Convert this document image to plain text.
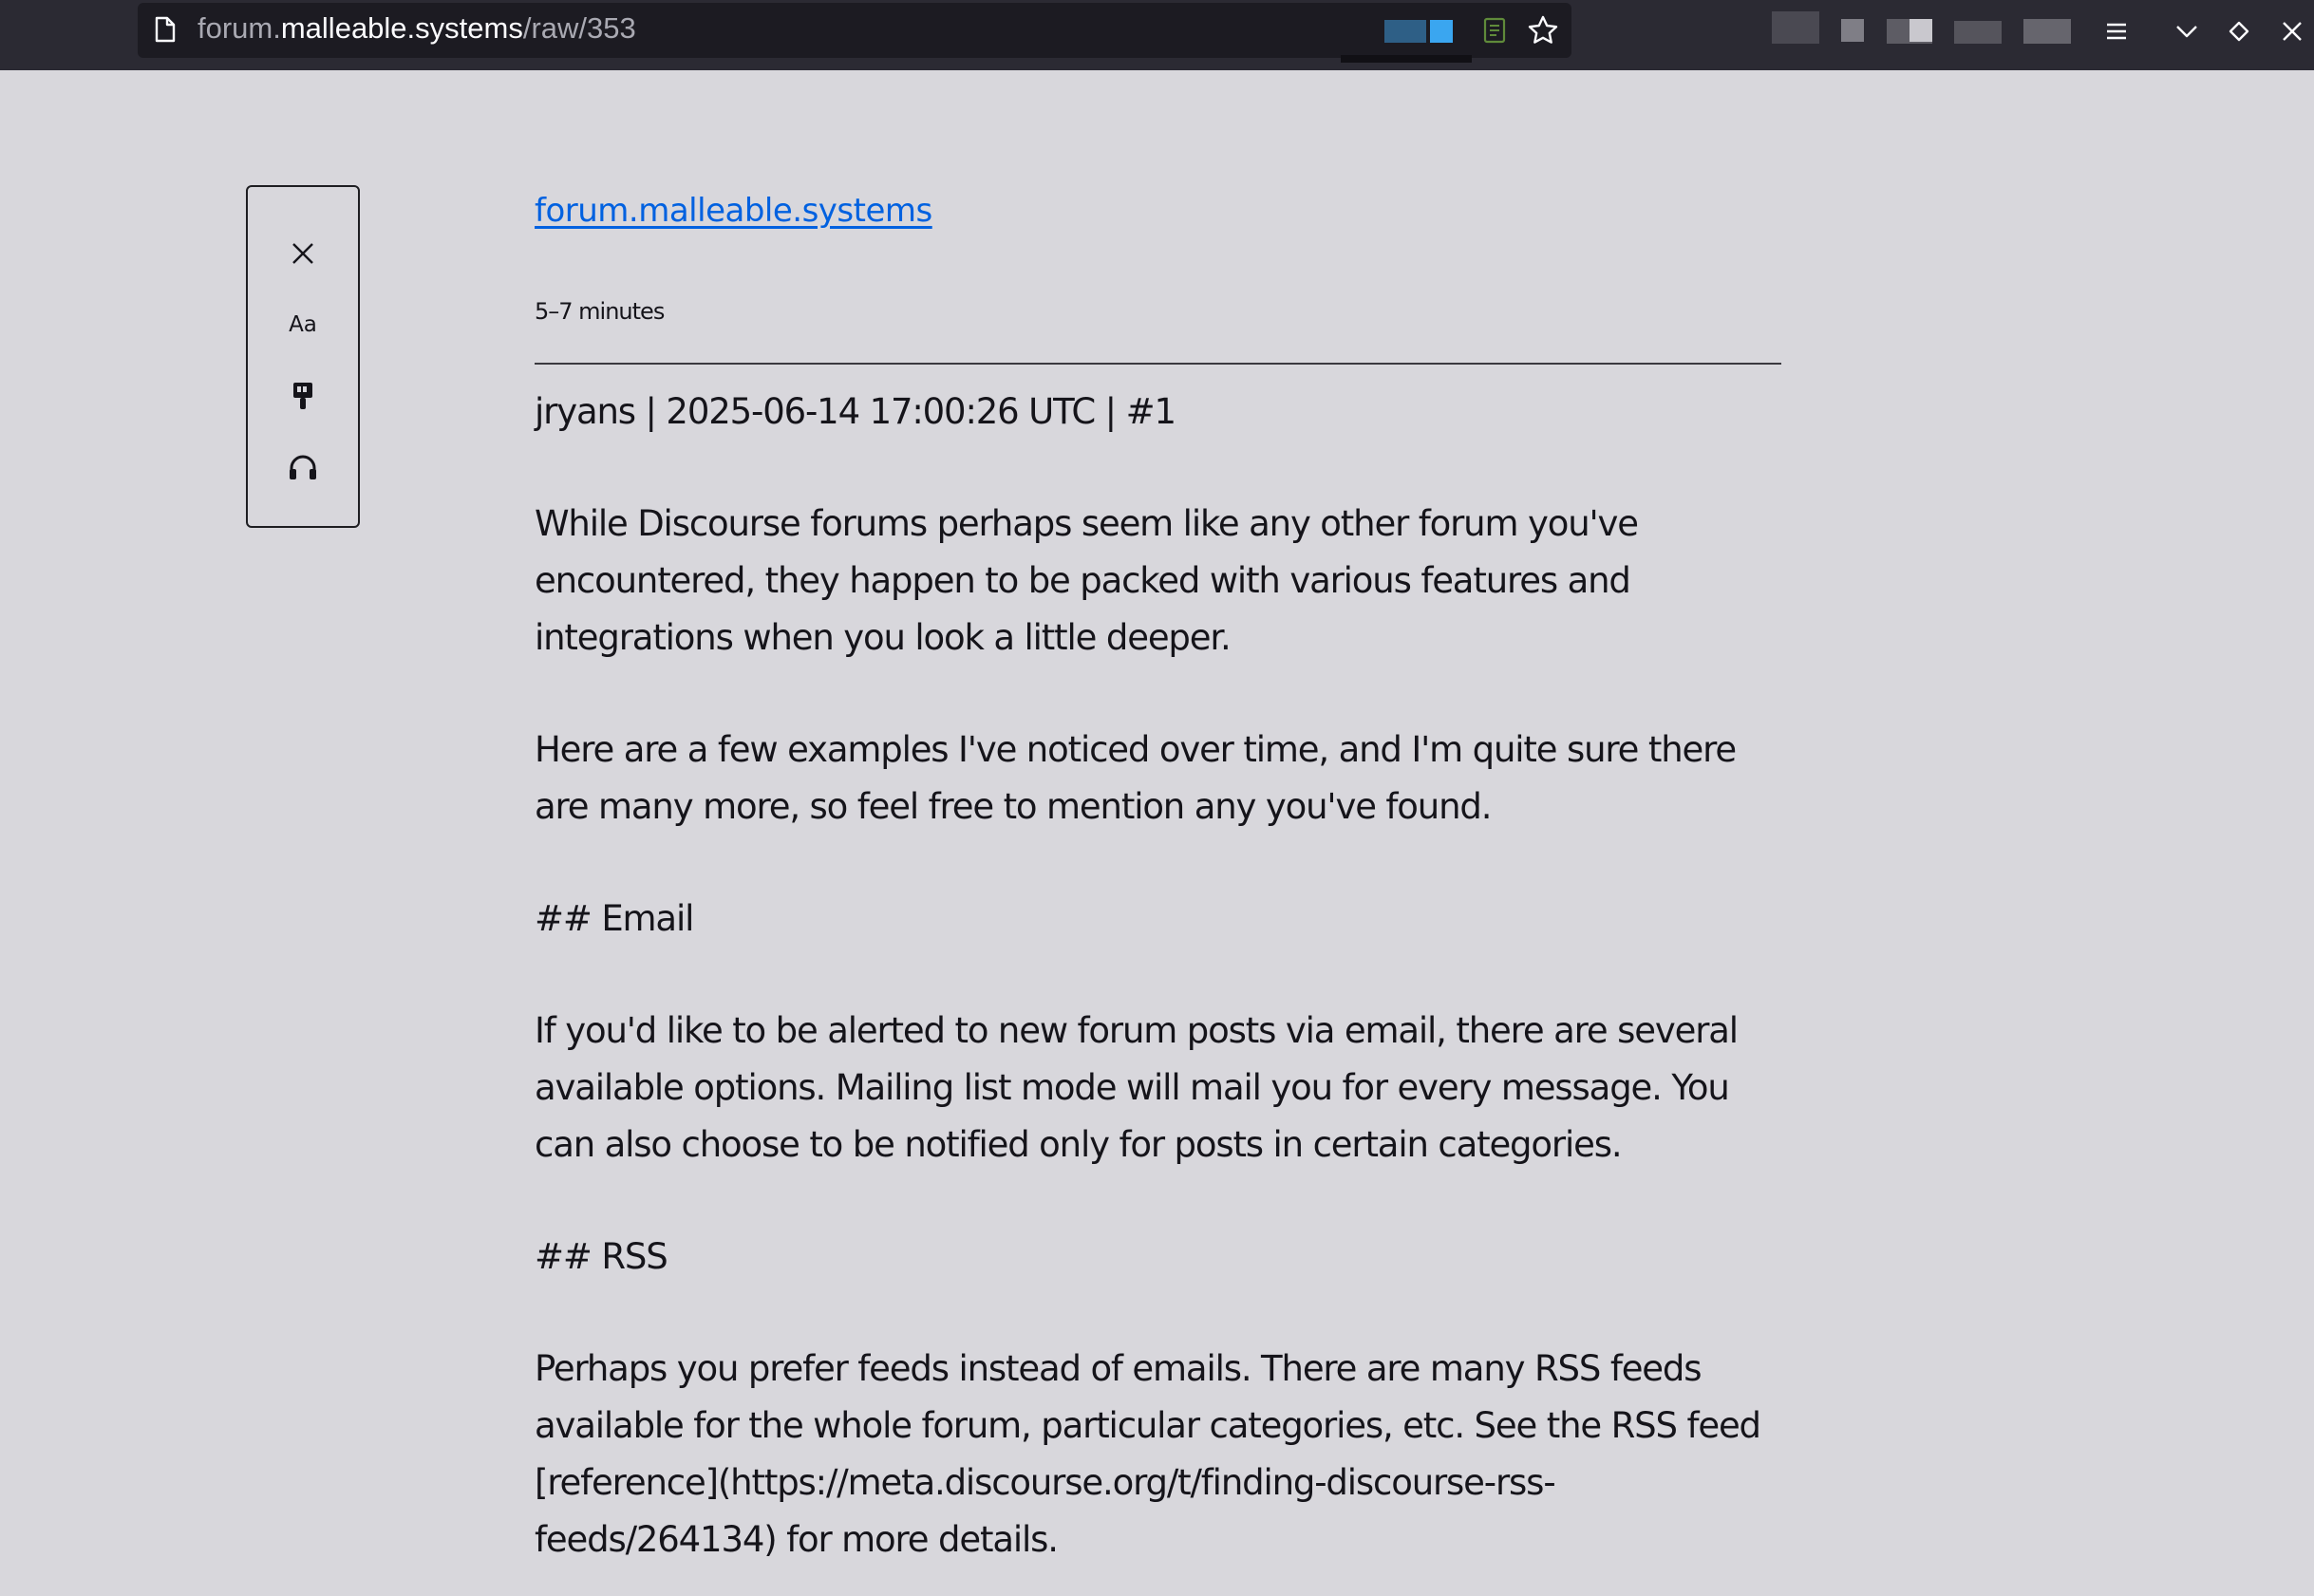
forum.malleable.systems/raw/353
Aa
forum.malleable.systems
5–7 minutes

jryans | 2025-06-14 17:00:26 UTC | #1

While Discourse forums perhaps seem like any other forum you've encountered, they happen to be packed with various features and integrations when you look a little deeper.

Here are a few examples I've noticed over time, and I'm quite sure there are many more, so feel free to mention any you've found.

## Email

If you'd like to be alerted to new forum posts via email, there are several available options. Mailing list mode will mail you for every message. You can also choose to be notified only for posts in certain categories.

## RSS

Perhaps you prefer feeds instead of emails. There are many RSS feeds available for the whole forum, particular categories, etc. See the RSS feed [reference](https://meta.discourse.org/t/finding-discourse-rss-feeds/264134) for more details.
